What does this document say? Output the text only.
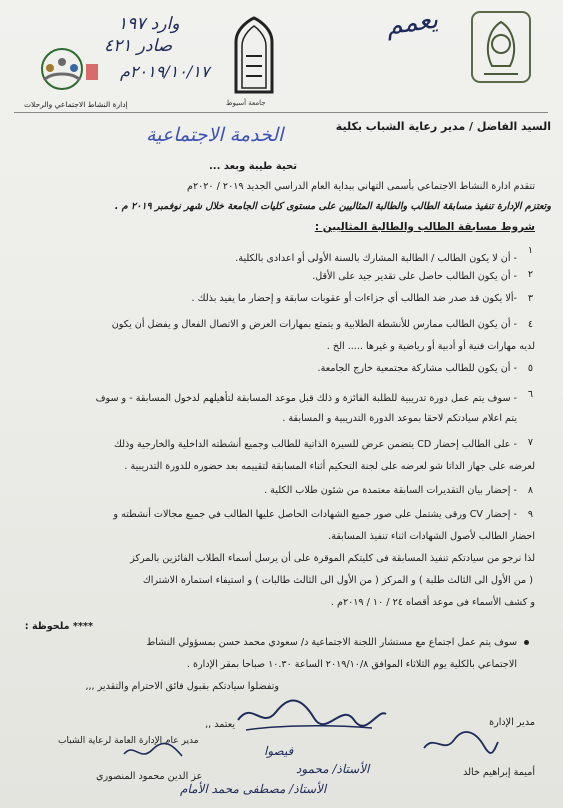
يعمم
جامعة أسيوط
وارد ١٩٧
صادر ٤٢١
٢٠١٩/١٠/١٧م
إدارة النشاط الاجتماعي والرحلات
السيد الفاضل / مدير رعاية الشباب بكلية
الخدمة الاجتماعية
تحية طيبة وبعد ...
تتقدم ادارة النشاط الاجتماعي بأسمى التهاني ببداية العام الدراسي الجديد ٢٠١٩ / ٢٠٢٠م
وتعتزم الإدارة تنفيذ مسابقة الطالب والطالبة المثاليين على مستوى كليات الجامعة خلال شهر نوفمبر ٢٠١٩ م .
شروط مسابقة الطالب والطالبة المثاليين :
١
- أن لا يكون الطالب / الطالبة المشارك بالسنة الأولى أو اعدادى بالكلية.
٢
- أن يكون الطالب حاصل على تقدير جيد على الأقل.
٣
-ألا يكون قد صدر ضد الطالب أي جزاءات أو عقوبات سابقة و إحضار ما يفيد بذلك .
٤
- أن يكون الطالب ممارس للأنشطة الطلابية و يتمتع بمهارات العرض و الاتصال الفعال و يفضل أن يكون
لديه مهارات فنية أو أدبية أو رياضية و غيرها ..... الخ .
٥
- أن يكون للطالب مشاركة مجتمعية خارج الجامعة.
٦
- سوف يتم عمل دورة تدريبية للطلبة الفائزة و ذلك قبل موعد المسابقة لتأهيلهم لدخول المسابقة - و سوف
يتم اعلام سيادتكم لاحقا بموعد الدورة التدريبية و المسابقة .
٧
- على الطالب إحضار CD يتضمن عرض للسيرة الذاتية للطالب وجميع أنشطته الداخلية والخارجية وذلك
لعرضه على جهاز الداتا شو لعرضه على لجنة التحكيم أثناء المسابقة لتقييمه بعد حضوره للدورة التدريبية .
٨
- إحضار بيان التقديرات السابقة معتمدة من شئون طلاب الكلية .
٩
- إحضار CV ورقى يشتمل على صور جميع الشهادات الحاصل عليها الطالب في جميع مجالات أنشطته و
احضار الطالب لأصول الشهادات اثناء تنفيذ المسابقة.
لذا نرجو من سيادتكم تنفيذ المسابقة فى كليتكم الموقرة على أن يرسل أسماء الطلاب الفائزين بالمركز
( من الأول الى الثالث طلبة ) و المركز ( من الأول الى الثالث طالبات ) و استيفاء استمارة الاشتراك
و كشف الأسماء فى موعد أقصاه ٢٤ / ١٠ / ٢٠١٩م .
**** ملحوظة :
سوف يتم عمل اجتماع مع مستشار اللجنة الاجتماعية د/ سعودي محمد حسن بمسؤولي النشاط
الاجتماعي بالكلية يوم الثلاثاء الموافق ٢٠١٩/١٠/٨ الساعة ١٠.٣٠ صباحا بمقر الإدارة .
وتفضلوا سيادتكم بقبول فائق الاحترام والتقدير ,,,
مدير الإدارة
يعتمد ,,
مدير عام الإدارة العامة لرعاية الشباب
أميمة إبراهيم خالد
فيصوا
الأستاذ/ محمود
الأستاذ/ مصطفى محمد الأمام
عز الدين محمود المنصوري
